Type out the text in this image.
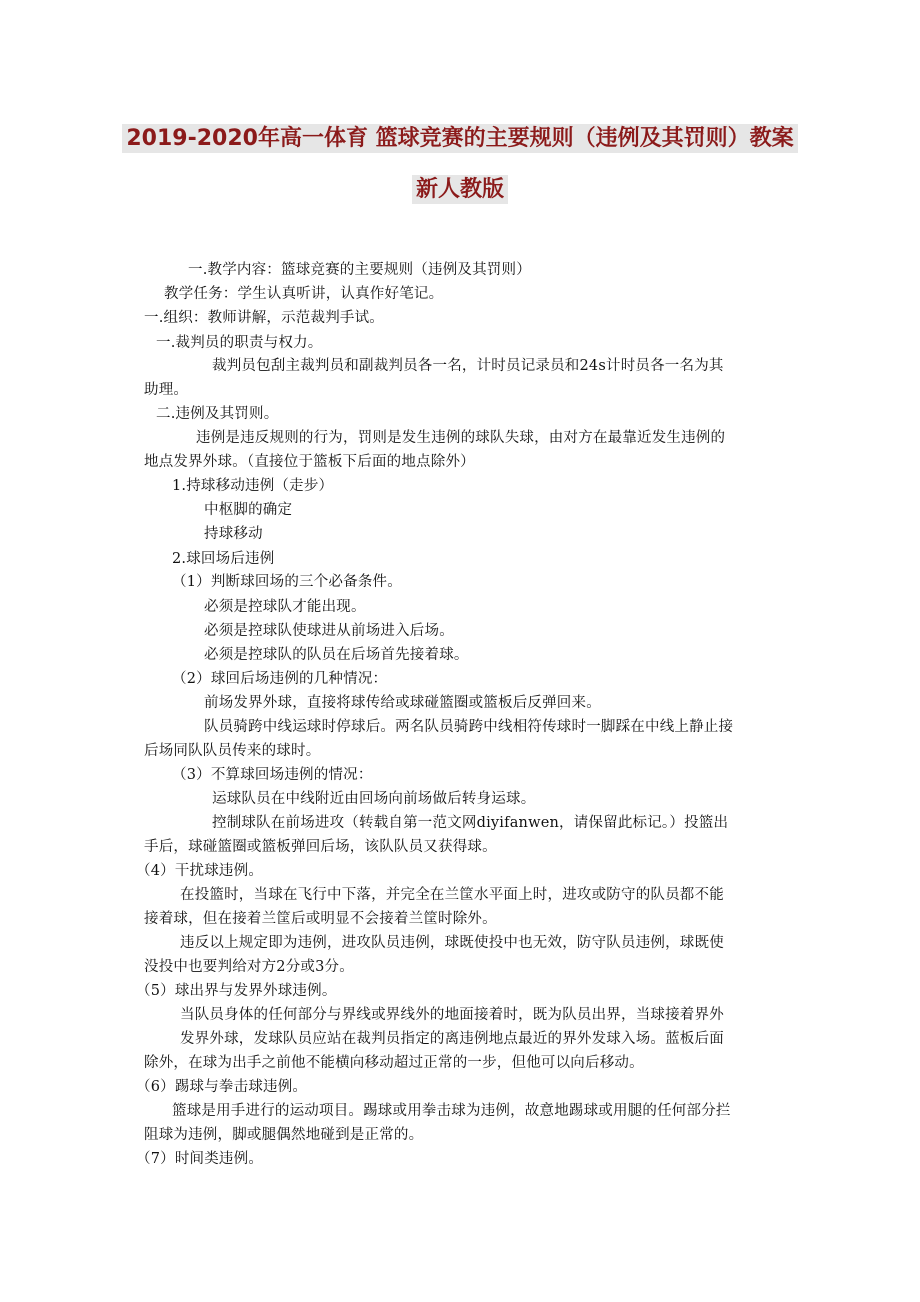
2019-2020年高一体育 篮球竞赛的主要规则（违例及其罚则）教案
新人教版
一.教学内容：篮球竞赛的主要规则（违例及其罚则）
教学任务：学生认真听讲，认真作好笔记。
一.组织：教师讲解，示范裁判手试。
一.裁判员的职责与权力。
裁判员包刮主裁判员和副裁判员各一名，计时员记录员和24s计时员各一名为其
助理。
二.违例及其罚则。
违例是违反规则的行为，罚则是发生违例的球队失球，由对方在最靠近发生违例的
地点发界外球。（直接位于篮板下后面的地点除外）
1.持球移动违例（走步）
中枢脚的确定
持球移动
2.球回场后违例
（1）判断球回场的三个必备条件。
必须是控球队才能出现。
必须是控球队使球进从前场进入后场。
必须是控球队的队员在后场首先接着球。
（2）球回后场违例的几种情况：
前场发界外球，直接将球传给或球碰篮圈或篮板后反弹回来。
队员骑跨中线运球时停球后。两名队员骑跨中线相符传球时一脚踩在中线上静止接
后场同队队员传来的球时。
（3）不算球回场违例的情况：
运球队员在中线附近由回场向前场做后转身运球。
控制球队在前场进攻（转载自第一范文网diyifanwen，请保留此标记。）投篮出
手后，球碰篮圈或篮板弹回后场，该队队员又获得球。
（4）干扰球违例。
在投篮时，当球在飞行中下落，并完全在兰筐水平面上时，进攻或防守的队员都不能
接着球，但在接着兰筐后或明显不会接着兰筐时除外。
违反以上规定即为违例，进攻队员违例，球既使投中也无效，防守队员违例，球既使
没投中也要判给对方2分或3分。
（5）球出界与发界外球违例。
当队员身体的任何部分与界线或界线外的地面接着时，既为队员出界，当球接着界外
发界外球，发球队员应站在裁判员指定的离违例地点最近的界外发球入场。蓝板后面
除外，在球为出手之前他不能横向移动超过正常的一步，但他可以向后移动。
（6）踢球与拳击球违例。
篮球是用手进行的运动项目。踢球或用拳击球为违例，故意地踢球或用腿的任何部分拦
阻球为违例，脚或腿偶然地碰到是正常的。
（7）时间类违例。
